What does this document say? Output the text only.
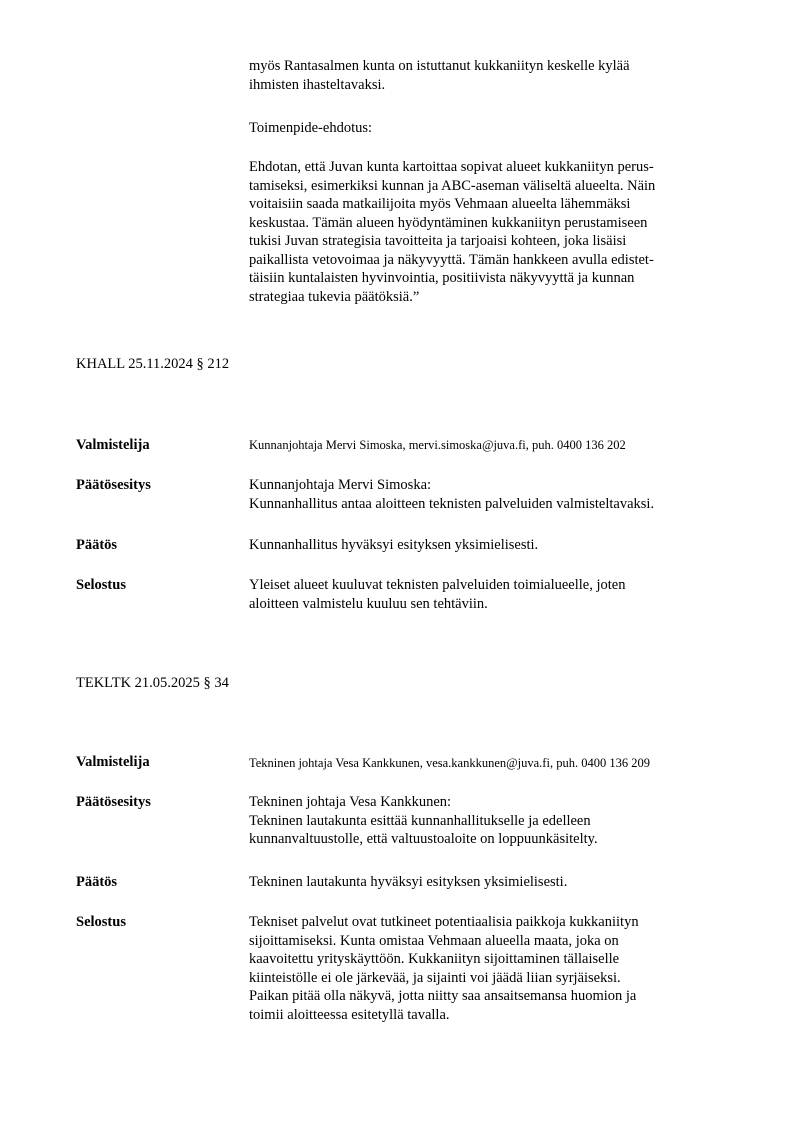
myös Rantasalmen kunta on istuttanut kukkaniityn keskelle kylää
ihmisten ihasteltavaksi.
Toimenpide-ehdotus:
Ehdotan, että Juvan kunta kartoittaa sopivat alueet kukkaniityn perus-
tamiseksi, esimerkiksi kunnan ja ABC-aseman väliseltä alueelta. Näin
voitaisiin saada matkailijoita myös Vehmaan alueelta lähemmäksi
keskustaa. Tämän alueen hyödyntäminen kukkaniityn perustamiseen
tukisi Juvan strategisia tavoitteita ja tarjoaisi kohteen, joka lisäisi
paikallista vetovoimaa ja näkyvyyttä. Tämän hankkeen avulla edistet-
täisiin kuntalaisten hyvinvointia, positiivista näkyvyyttä ja kunnan
strategiaa tukevia päätöksiä.”
KHALL 25.11.2024 § 212
Valmistelija	Kunnanjohtaja Mervi Simoska, mervi.simoska@juva.fi, puh. 0400 136 202
Päätösesitys	Kunnanjohtaja Mervi Simoska:
Kunnanhallitus antaa aloitteen teknisten palveluiden valmisteltavaksi.
Päätös	Kunnanhallitus hyväksyi esityksen yksimielisesti.
Selostus	Yleiset alueet kuuluvat teknisten palveluiden toimialueelle, joten
aloitteen valmistelu kuuluu sen tehtäviin.
TEKLTK 21.05.2025 § 34
Valmistelija	Tekninen johtaja Vesa Kankkunen, vesa.kankkunen@juva.fi, puh. 0400 136 209
Päätösesitys	Tekninen johtaja Vesa Kankkunen:
Tekninen lautakunta esittää kunnanhallitukselle ja edelleen
kunnanvaltuustolle, että valtuustoaloite on loppuunkäsitelty.
Päätös	Tekninen lautakunta hyväksyi esityksen yksimielisesti.
Selostus	Tekniset palvelut ovat tutkineet potentiaalisia paikkoja kukkaniityn
sijoittamiseksi. Kunta omistaa Vehmaan alueella maata, joka on
kaavoitettu yrityskäyttöön. Kukkaniityn sijoittaminen tällaiselle
kiinteistölle ei ole järkevää, ja sijainti voi jäädä liian syrjäiseksi.
Paikan pitää olla näkyvä, jotta niitty saa ansaitsemansa huomion ja
toimii aloitteessa esitetyllä tavalla.
